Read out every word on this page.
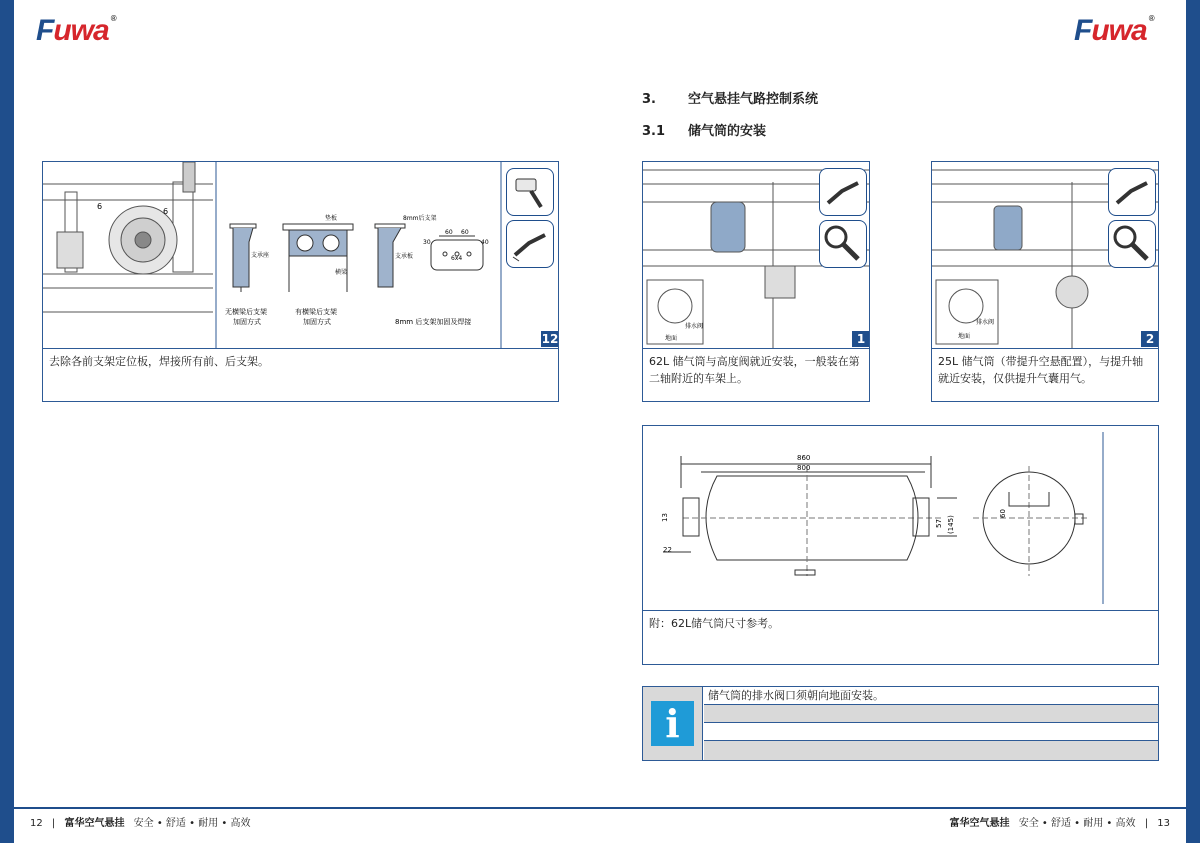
Fuwa ®	Fuwa ®
3. 空气悬挂气路控制系统
3.1 储气筒的安装
6
6
支承座
无横梁后支架
加固方式
垫板
横梁
有横梁后支架
加固方式
8mm后支架
支承板
60 60
40
30
6x4
8mm 后支架加固及焊接
12
去除各前支架定位板，焊接所有前、后支架。
排水阀
地面	1
62L 储气筒与高度阀就近安装，一般装在第二轴附近的车架上。
排水阀
地面	2
25L 储气筒（带提升空悬配置），与提升轴就近安装，仅供提升气囊用气。
860
800
13
22
57 (145)
60
附：62L储气筒尺寸参考。
i
储气筒的排水阀口须朝向地面安装。
12 | 富华空气悬挂 安全 • 舒适 • 耐用 • 高效	富华空气悬挂 安全 • 舒适 • 耐用 • 高效 | 13
